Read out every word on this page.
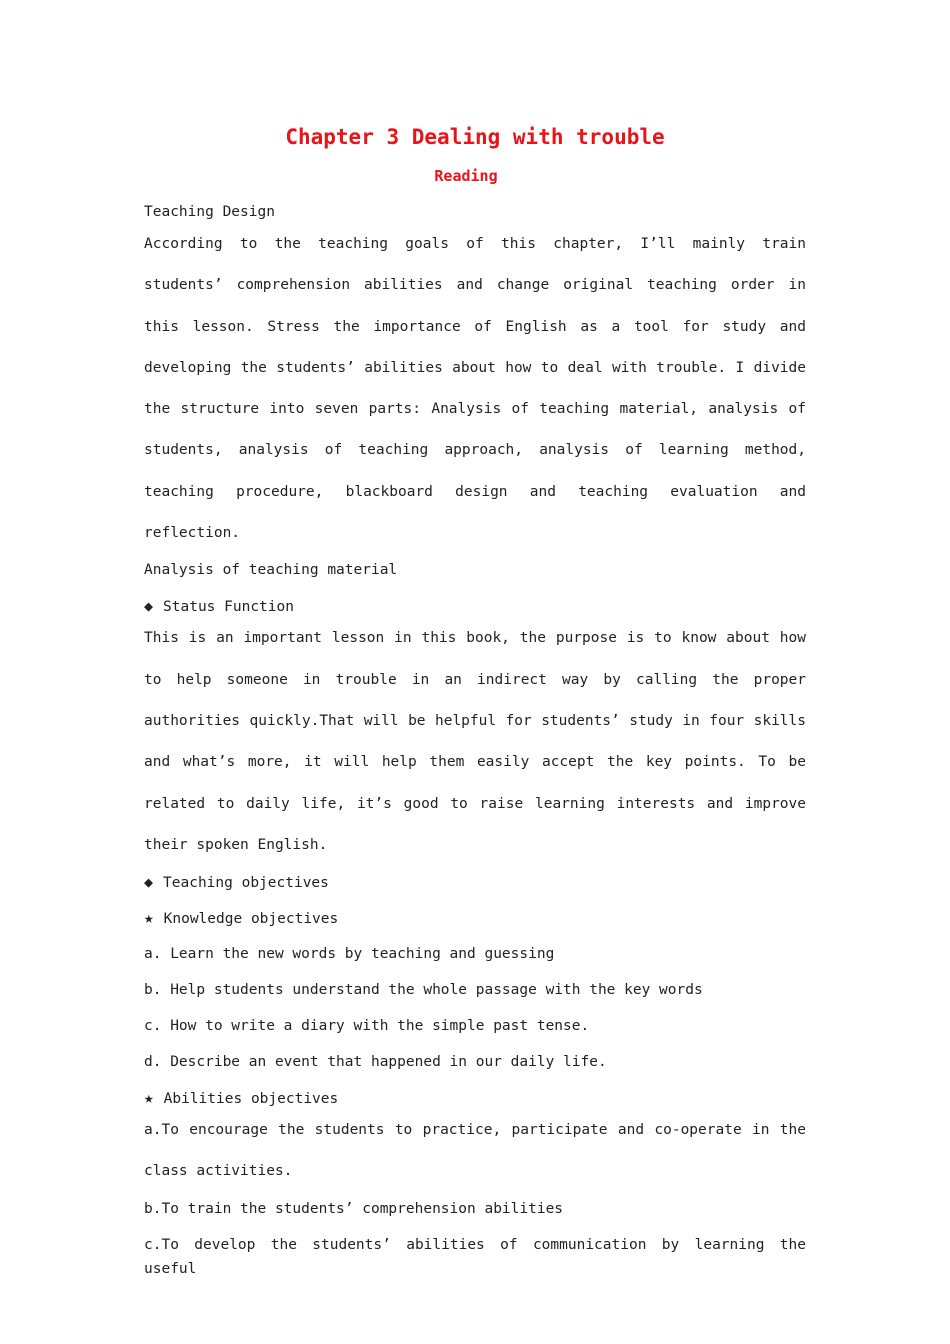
Chapter 3 Dealing with trouble
Reading

Teaching Design

According to the teaching goals of this chapter, I’ll mainly train students’ comprehension abilities and change original teaching order in this lesson. Stress the importance of English as a tool for study and developing the students’ abilities about how to deal with trouble. I divide the structure into seven parts: Analysis of teaching material, analysis of students, analysis of teaching approach, analysis of learning method, teaching procedure, blackboard design and teaching evaluation and reflection.

Analysis of teaching material

◆ Status Function

This is an important lesson in this book, the purpose is to know about how to help someone in trouble in an indirect way by calling the proper authorities quickly.That will be helpful for students’ study in four skills and what’s more, it will help them easily accept the key points. To be related to daily life, it’s good to raise learning interests and improve their spoken English.

◆ Teaching objectives

★ Knowledge objectives

a. Learn the new words by teaching and guessing

b. Help students understand the whole passage with the key words

c. How to write a diary with the simple past tense.

d. Describe an event that happened in our daily life.

★ Abilities objectives

a.To encourage the students to practice, participate and co-operate in the class activities.

b.To train the students’ comprehension abilities

c.To develop the students’ abilities of communication by learning the useful
